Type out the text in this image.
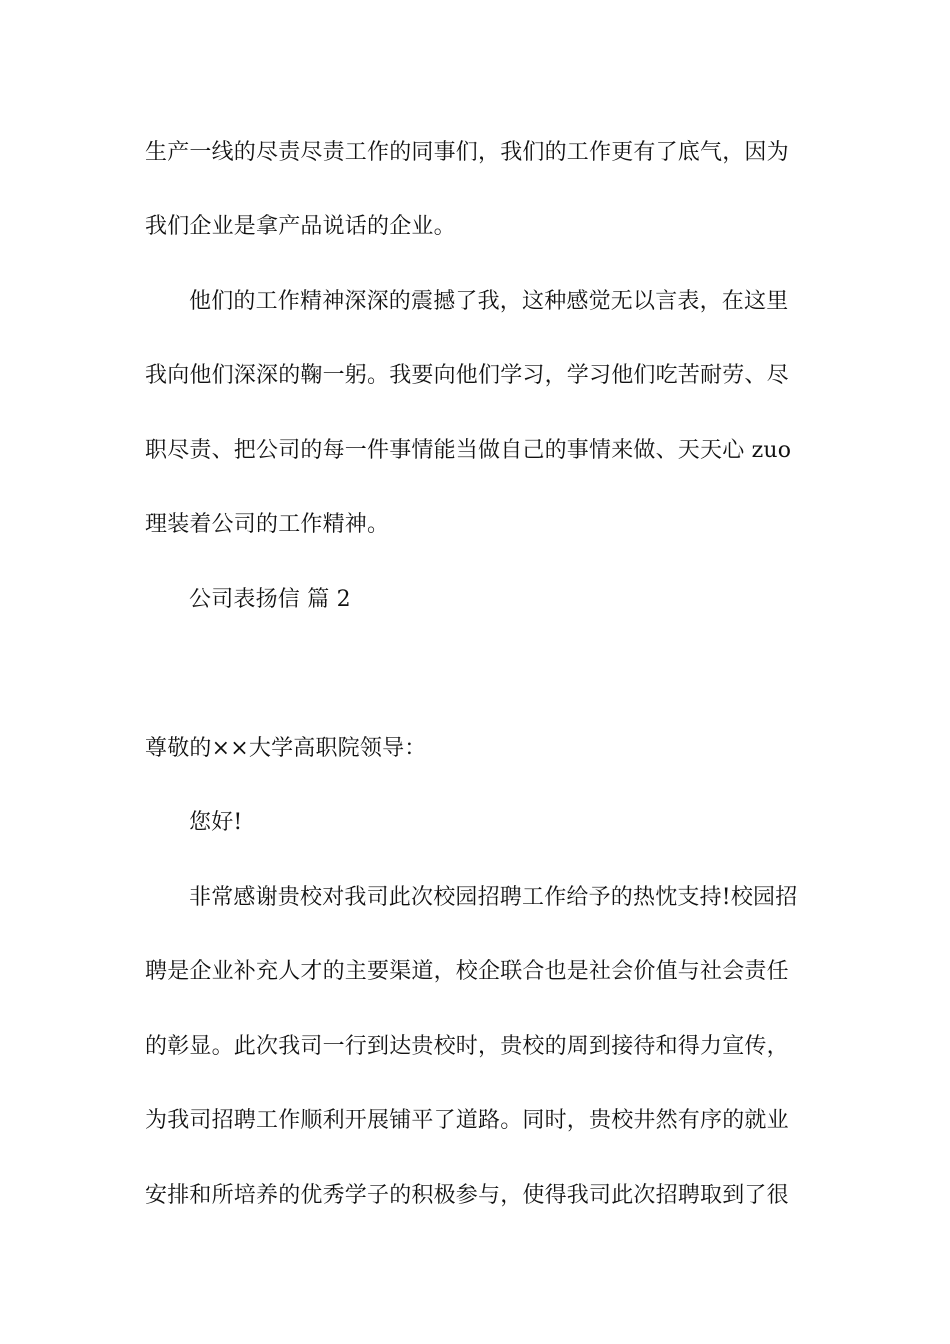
生产一线的尽责尽责工作的同事们，我们的工作更有了底气，因为
我们企业是拿产品说话的企业。
他们的工作精神深深的震撼了我，这种感觉无以言表，在这里
我向他们深深的鞠一躬。我要向他们学习，学习他们吃苦耐劳、尽
职尽责、把公司的每一件事情能当做自己的事情来做、天天心 zuo
理装着公司的工作精神。
公司表扬信 篇 2
尊敬的××大学高职院领导：
您好!
非常感谢贵校对我司此次校园招聘工作给予的热忱支持!校园招
聘是企业补充人才的主要渠道，校企联合也是社会价值与社会责任
的彰显。此次我司一行到达贵校时，贵校的周到接待和得力宣传，
为我司招聘工作顺利开展铺平了道路。同时，贵校井然有序的就业
安排和所培养的优秀学子的积极参与，使得我司此次招聘取到了很
